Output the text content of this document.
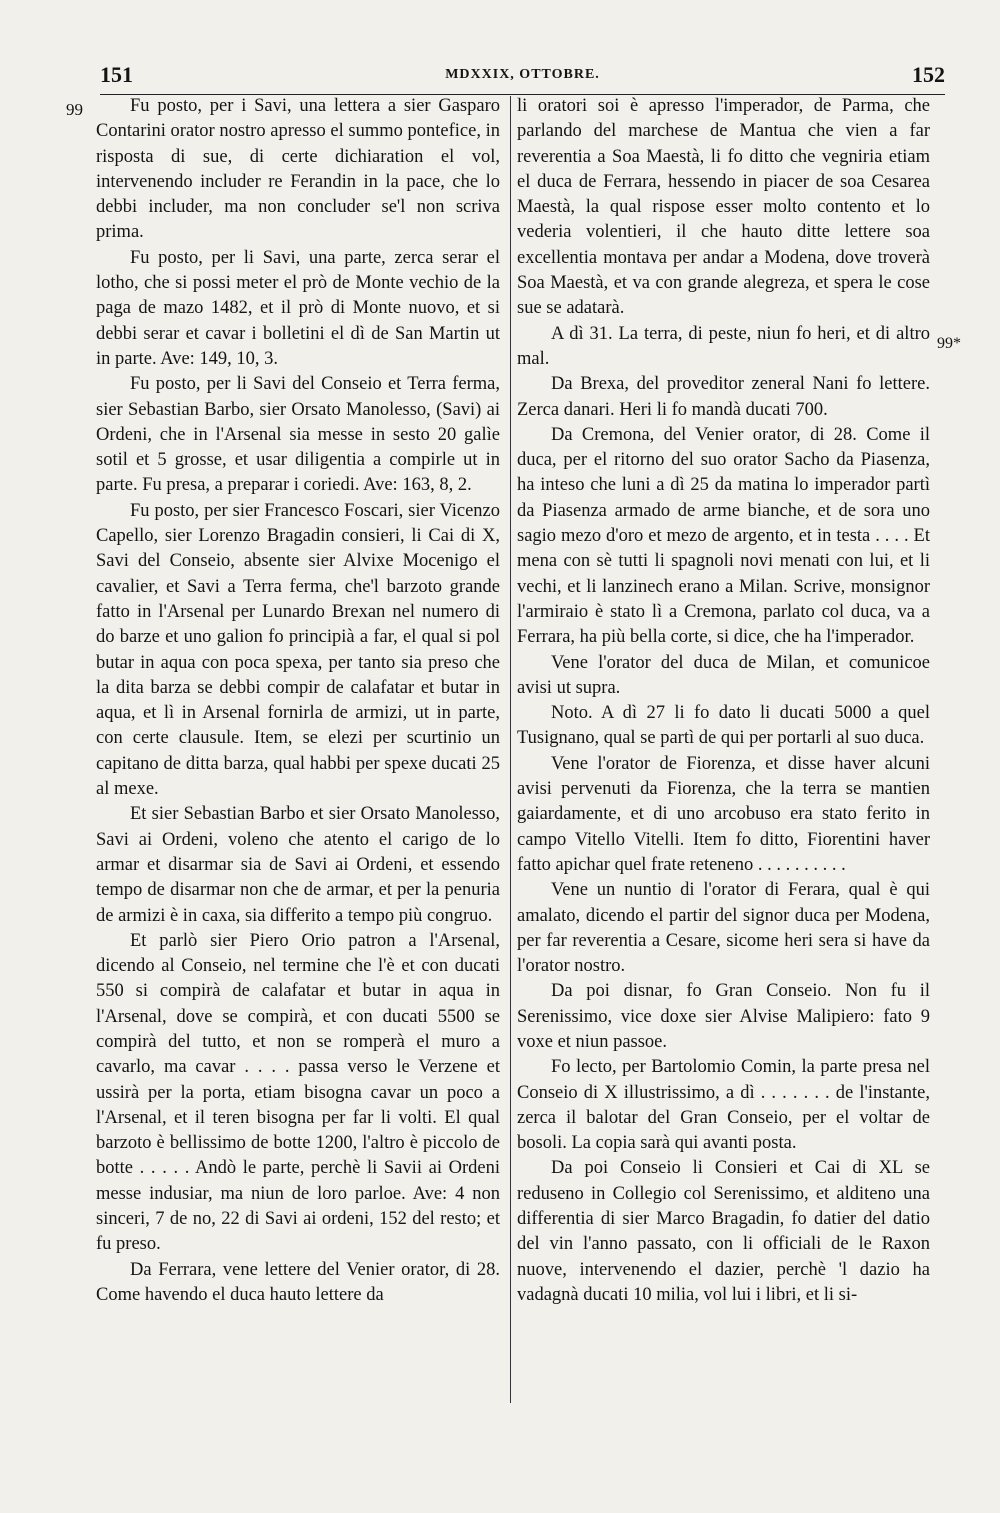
151	MDXXIX, OTTOBRE.	152
99
99*

Fu posto, per i Savi, una lettera a sier Gasparo Contarini orator nostro apresso el summo pontefice, in risposta di sue, di certe dichiaration el vol, intervenendo includer re Ferandin in la pace, che lo debbi includer, ma non concluder se'l non scriva prima.

Fu posto, per li Savi, una parte, zerca serar el lotho, che si possi meter el prò de Monte vechio de la paga de mazo 1482, et il prò di Monte nuovo, et si debbi serar et cavar i bolletini el dì de San Martin ut in parte. Ave: 149, 10, 3.

Fu posto, per li Savi del Conseio et Terra ferma, sier Sebastian Barbo, sier Orsato Manolesso, (Savi) ai Ordeni, che in l'Arsenal sia messe in sesto 20 galìe sotil et 5 grosse, et usar diligentia a compirle ut in parte. Fu presa, a preparar i coriedi. Ave: 163, 8, 2.

Fu posto, per sier Francesco Foscari, sier Vicenzo Capello, sier Lorenzo Bragadin consieri, li Cai di X, Savi del Conseio, absente sier Alvixe Mocenigo el cavalier, et Savi a Terra ferma, che'l barzoto grande fatto in l'Arsenal per Lunardo Brexan nel numero di do barze et uno galion fo principià a far, el qual si pol butar in aqua con poca spexa, per tanto sia preso che la dita barza se debbi compir de calafatar et butar in aqua, et lì in Arsenal fornirla de armizi, ut in parte, con certe clausule. Item, se elezi per scurtinio un capitano de ditta barza, qual habbi per spexe ducati 25 al mexe.

Et sier Sebastian Barbo et sier Orsato Manolesso, Savi ai Ordeni, voleno che atento el carigo de lo armar et disarmar sia de Savi ai Ordeni, et essendo tempo de disarmar non che de armar, et per la penuria de armizi è in caxa, sia differito a tempo più congruo.

Et parlò sier Piero Orio patron a l'Arsenal, dicendo al Conseio, nel termine che l'è et con ducati 550 si compirà de calafatar et butar in aqua in l'Arsenal, dove se compirà, et con ducati 5500 se compirà del tutto, et non se romperà el muro a cavarlo, ma cavar . . . . passa verso le Verzene et ussirà per la porta, etiam bisogna cavar un poco a l'Arsenal, et il teren bisogna per far li volti. El qual barzoto è bellissimo de botte 1200, l'altro è piccolo de botte . . . . . Andò le parte, perchè li Savii ai Ordeni messe indusiar, ma niun de loro parloe. Ave: 4 non sinceri, 7 de no, 22 di Savi ai ordeni, 152 del resto; et fu preso.

Da Ferrara, vene lettere del Venier orator, di 28. Come havendo el duca hauto lettere da

li oratori soi è apresso l'imperador, de Parma, che parlando del marchese de Mantua che vien a far reverentia a Soa Maestà, li fo ditto che vegniria etiam el duca de Ferrara, hessendo in piacer de soa Cesarea Maestà, la qual rispose esser molto contento et lo vederia volentieri, il che hauto ditte lettere soa excellentia montava per andar a Modena, dove troverà Soa Maestà, et va con grande alegreza, et spera le cose sue se adatarà.

A dì 31. La terra, di peste, niun fo heri, et di altro mal.

Da Brexa, del proveditor zeneral Nani fo lettere. Zerca danari. Heri li fo mandà ducati 700.

Da Cremona, del Venier orator, di 28. Come il duca, per el ritorno del suo orator Sacho da Piasenza, ha inteso che luni a dì 25 da matina lo imperador partì da Piasenza armado de arme bianche, et de sora uno sagio mezo d'oro et mezo de argento, et in testa . . . . Et mena con sè tutti li spagnoli novi menati con lui, et li vechi, et li lanzinech erano a Milan. Scrive, monsignor l'armiraio è stato lì a Cremona, parlato col duca, va a Ferrara, ha più bella corte, si dice, che ha l'imperador.

Vene l'orator del duca de Milan, et comunicoe avisi ut supra.

Noto. A dì 27 li fo dato li ducati 5000 a quel Tusignano, qual se partì de qui per portarli al suo duca.

Vene l'orator de Fiorenza, et disse haver alcuni avisi pervenuti da Fiorenza, che la terra se mantien gaiardamente, et di uno arcobuso era stato ferito in campo Vitello Vitelli. Item fo ditto, Fiorentini haver fatto apichar quel frate reteneno . . . . . . . . . .

Vene un nuntio di l'orator di Ferara, qual è qui amalato, dicendo el partir del signor duca per Modena, per far reverentia a Cesare, sicome heri sera si have da l'orator nostro.

Da poi disnar, fo Gran Conseio. Non fu il Serenissimo, vice doxe sier Alvise Malipiero: fato 9 voxe et niun passoe.

Fo lecto, per Bartolomio Comin, la parte presa nel Conseio di X illustrissimo, a dì . . . . . . . de l'instante, zerca il balotar del Gran Conseio, per el voltar de bosoli. La copia sarà qui avanti posta.

Da poi Conseio li Consieri et Cai di XL se reduseno in Collegio col Serenissimo, et alditeno una differentia di sier Marco Bragadin, fo datier del datio del vin l'anno passato, con li officiali de le Raxon nuove, intervenendo el dazier, perchè 'l dazio ha vadagnà ducati 10 milia, vol lui i libri, et li si-
